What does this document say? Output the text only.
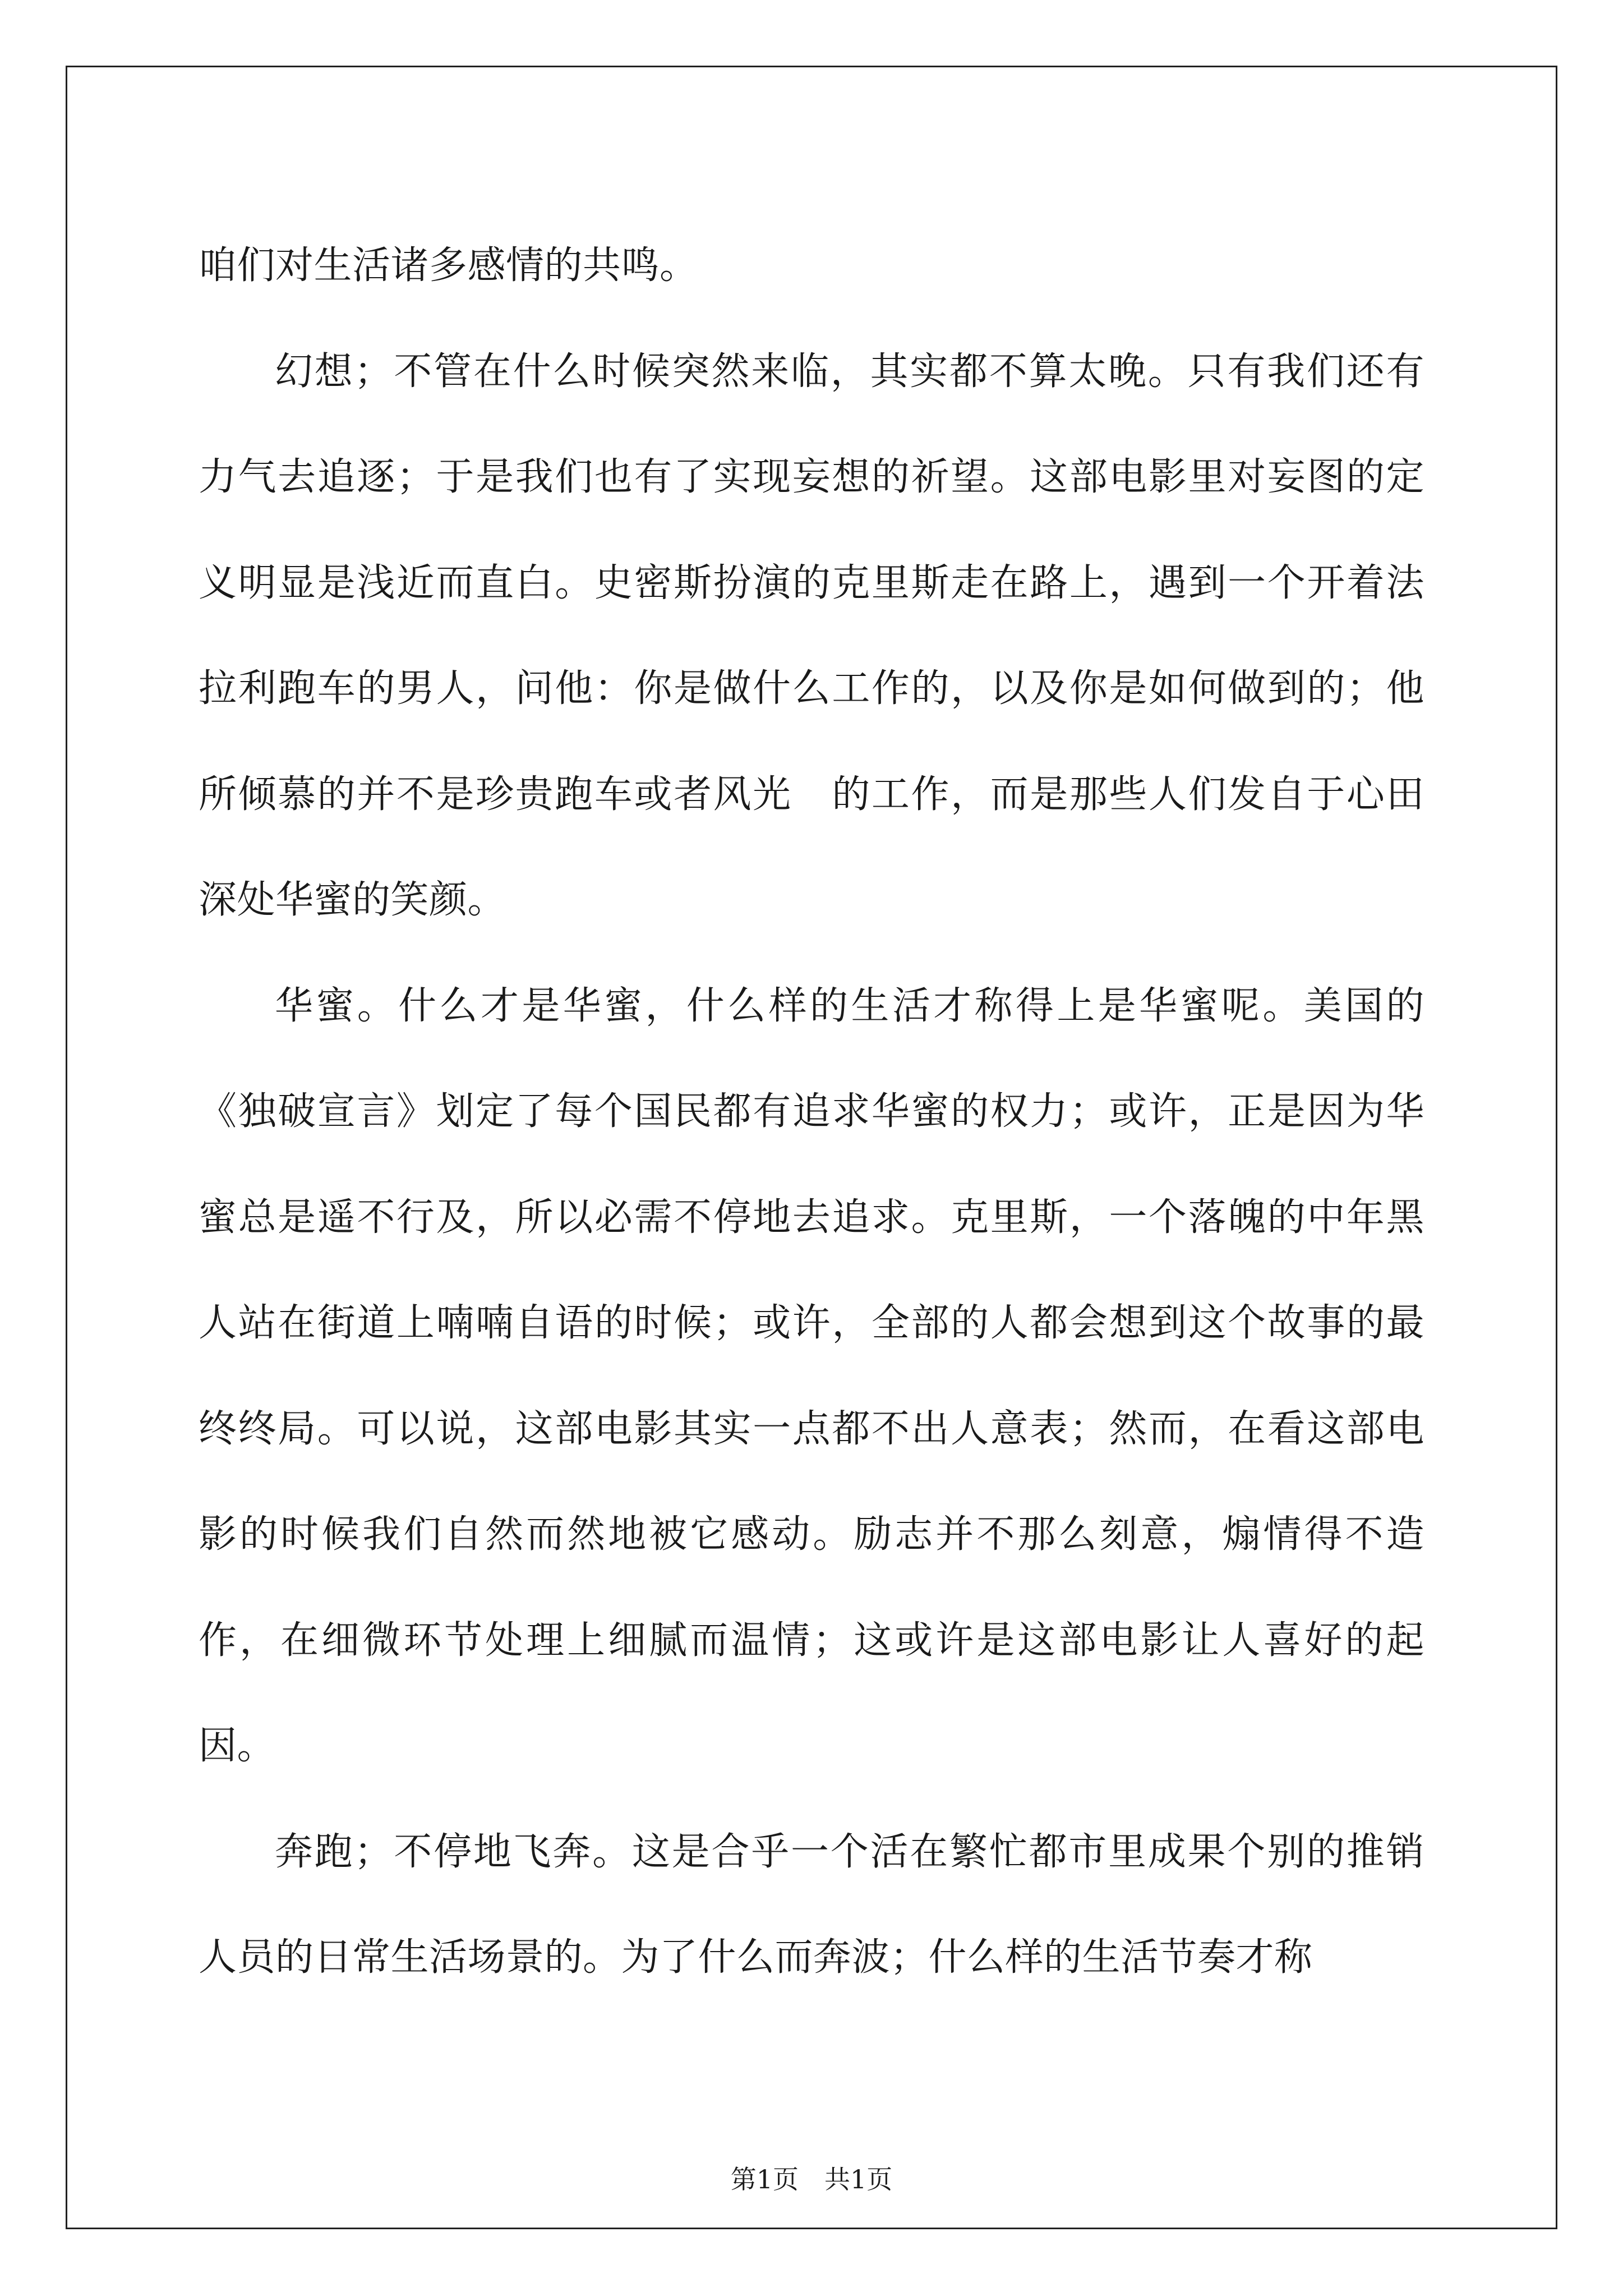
咱们对生活诸多感情的共鸣。

幻想；不管在什么时候突然来临，其实都不算太晚。只有我们还有力气去追逐；于是我们也有了实现妄想的祈望。这部电影里对妄图的定义明显是浅近而直白。史密斯扮演的克里斯走在路上，遇到一个开着法拉利跑车的男人，问他：你是做什么工作的，以及你是如何做到的；他所倾慕的并不是珍贵跑车或者风光　的工作，而是那些人们发自于心田深处华蜜的笑颜。

华蜜。什么才是华蜜，什么样的生活才称得上是华蜜呢。美国的《独破宣言》划定了每个国民都有追求华蜜的权力；或许，正是因为华蜜总是遥不行及，所以必需不停地去追求。克里斯，一个落魄的中年黑人站在街道上喃喃自语的时候；或许，全部的人都会想到这个故事的最终终局。可以说，这部电影其实一点都不出人意表；然而，在看这部电影的时候我们自然而然地被它感动。励志并不那么刻意，煽情得不造作，在细微环节处理上细腻而温情；这或许是这部电影让人喜好的起因。

奔跑；不停地飞奔。这是合乎一个活在繁忙都市里成果个别的推销人员的日常生活场景的。为了什么而奔波；什么样的生活节奏才称

第1页 共1页
